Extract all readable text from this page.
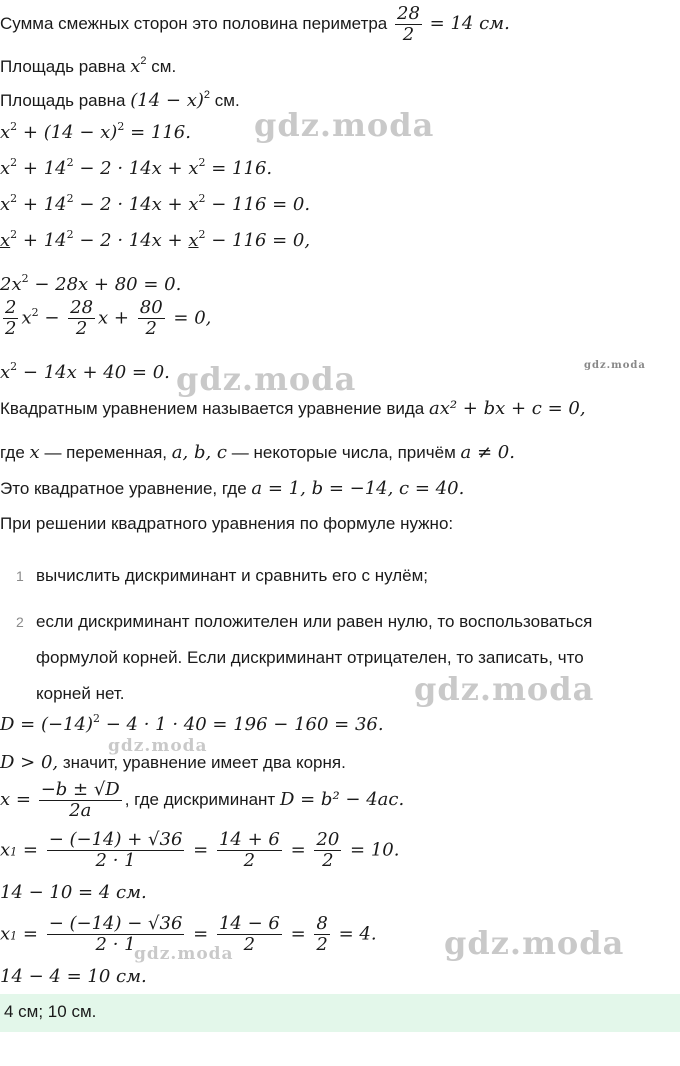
Сумма смежных сторон это половина периметра $\frac{28}{2} = 14$ см.
Площадь равна $x^2$ см.
Площадь равна $(14 - x)^2$ см.
$x^2 + (14 - x)^2 = 116$.
$x^2 + 14^2 - 2 \cdot 14x + x^2 = 116$.
$x^2 + 14^2 - 2 \cdot 14x + x^2 - 116 = 0$.
$x^2 + 14^2 - 2 \cdot 14x + x^2 - 116 = 0$,
$2x^2 - 28x + 80 = 0$.
$\frac{2}{2} x^2 - \frac{28}{2}$ $x + \frac{80}{2} = 0$,
$x^2 - 14x + 40 = 0$.
Квадратным уравнением называется уравнение вида ax² + bx + c = 0,
где x — переменная, a, b, c — некоторые числа, причём a ≠ 0.
Это квадратное уравнение, где a = 1, b = −14, c = 40.
При решении квадратного уравнения по формуле нужно:
1 вычислить дискриминант и сравнить его с нулём;
2 если дискриминант положителен или равен нулю, то воспользоваться
формулой корней. Если дискриминант отрицателен, то записать, что
корней нет.
$D = (-14)^2 - 4 \cdot 1 \cdot 40 = 196 - 160 = 36$.
D > 0, значит, уравнение имеет два корня.
$x = \frac{-b \pm √D}{2a}$ , где дискриминант D = b² − 4ac.
$x1 = \frac{- (-14) + √36}{2 \cdot 1} = \frac{14 + 6}{2} = \frac{20}{2} = 10$.
14 − 10 = 4 см.
$x1 = \frac{- (-14) - √36}{2 \cdot 1} = \frac{14 - 6}{2} = \frac{8}{2} = 4$.
14 − 4 = 10 см.
4 см; 10 см.
gdz.moda
gdz.moda	gdz.moda
gdz.moda
gdz.moda
gdz.moda	gdz.moda
